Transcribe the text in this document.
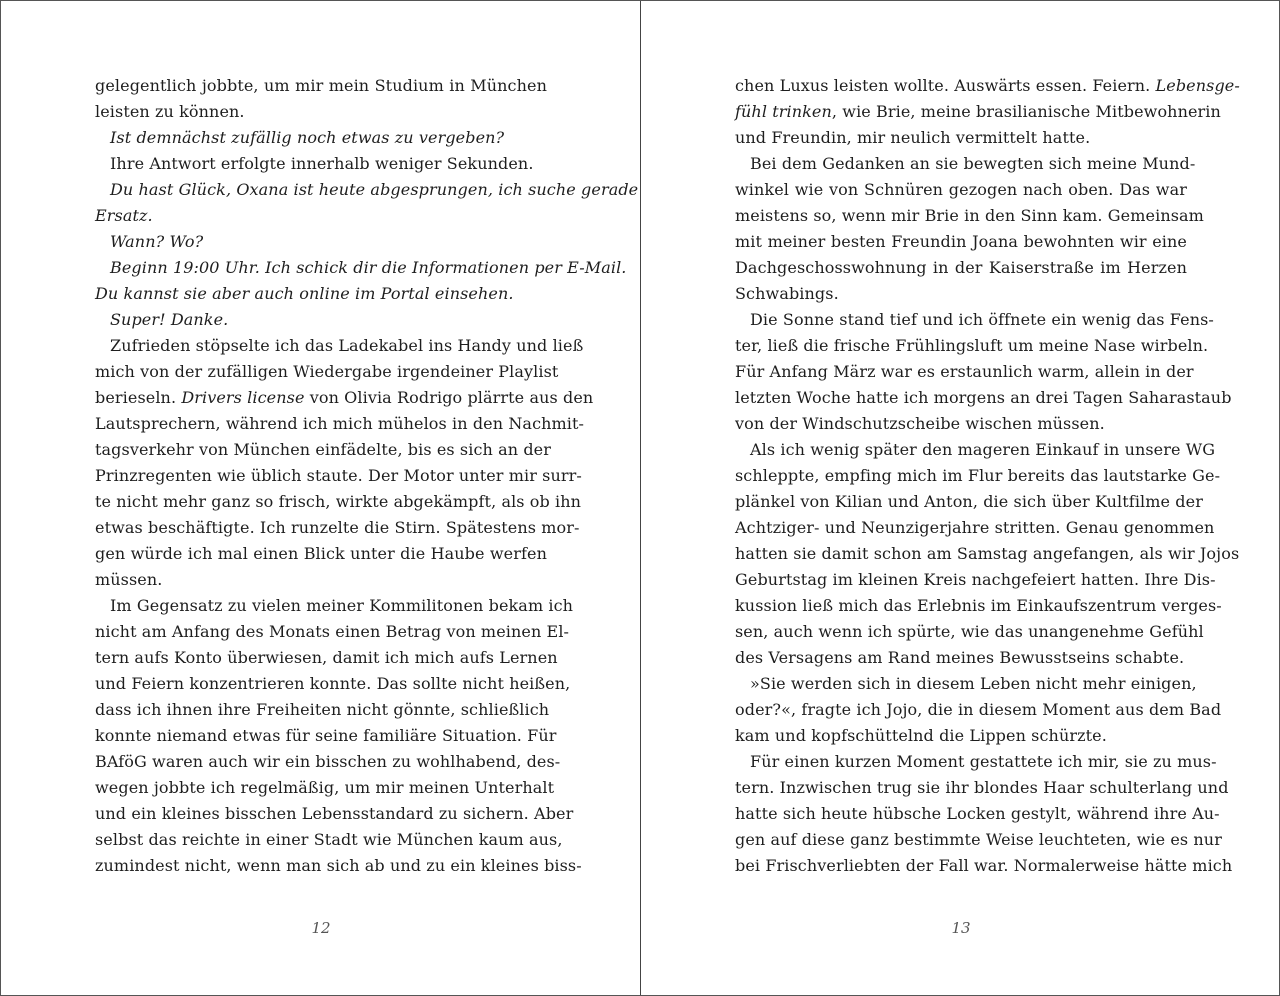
gelegentlich jobbte, um mir mein Studium in München
leisten zu können.
Ist demnächst zufällig noch etwas zu vergeben?
Ihre Antwort erfolgte innerhalb weniger Sekunden.
Du hast Glück, Oxana ist heute abgesprungen, ich suche gerade
Ersatz.
Wann? Wo?
Beginn 19:00 Uhr. Ich schick dir die Informationen per E-Mail.
Du kannst sie aber auch online im Portal einsehen.
Super! Danke.
Zufrieden stöpselte ich das Ladekabel ins Handy und ließ
mich von der zufälligen Wiedergabe irgendeiner Playlist
berieseln. Drivers license von Olivia Rodrigo plärrte aus den
Lautsprechern, während ich mich mühelos in den Nachmit-
tagsverkehr von München einfädelte, bis es sich an der
Prinzregenten wie üblich staute. Der Motor unter mir surr-
te nicht mehr ganz so frisch, wirkte abgekämpft, als ob ihn
etwas beschäftigte. Ich runzelte die Stirn. Spätestens mor-
gen würde ich mal einen Blick unter die Haube werfen
müssen.
Im Gegensatz zu vielen meiner Kommilitonen bekam ich
nicht am Anfang des Monats einen Betrag von meinen El-
tern aufs Konto überwiesen, damit ich mich aufs Lernen
und Feiern konzentrieren konnte. Das sollte nicht heißen,
dass ich ihnen ihre Freiheiten nicht gönnte, schließlich
konnte niemand etwas für seine familiäre Situation. Für
BAföG waren auch wir ein bisschen zu wohlhabend, des-
wegen jobbte ich regelmäßig, um mir meinen Unterhalt
und ein kleines bisschen Lebensstandard zu sichern. Aber
selbst das reichte in einer Stadt wie München kaum aus,
zumindest nicht, wenn man sich ab und zu ein kleines biss-
chen Luxus leisten wollte. Auswärts essen. Feiern. Lebensge-
fühl trinken, wie Brie, meine brasilianische Mitbewohnerin
und Freundin, mir neulich vermittelt hatte.
Bei dem Gedanken an sie bewegten sich meine Mund-
winkel wie von Schnüren gezogen nach oben. Das war
meistens so, wenn mir Brie in den Sinn kam. Gemeinsam
mit meiner besten Freundin Joana bewohnten wir eine
Dachgeschosswohnung in der Kaiserstraße im Herzen
Schwabings.
Die Sonne stand tief und ich öffnete ein wenig das Fens-
ter, ließ die frische Frühlingsluft um meine Nase wirbeln.
Für Anfang März war es erstaunlich warm, allein in der
letzten Woche hatte ich morgens an drei Tagen Saharastaub
von der Windschutzscheibe wischen müssen.
Als ich wenig später den mageren Einkauf in unsere WG
schleppte, empfing mich im Flur bereits das lautstarke Ge-
plänkel von Kilian und Anton, die sich über Kultfilme der
Achtziger- und Neunzigerjahre stritten. Genau genommen
hatten sie damit schon am Samstag angefangen, als wir Jojos
Geburtstag im kleinen Kreis nachgefeiert hatten. Ihre Dis-
kussion ließ mich das Erlebnis im Einkaufszentrum verges-
sen, auch wenn ich spürte, wie das unangenehme Gefühl
des Versagens am Rand meines Bewusstseins schabte.
»Sie werden sich in diesem Leben nicht mehr einigen,
oder?«, fragte ich Jojo, die in diesem Moment aus dem Bad
kam und kopfschüttelnd die Lippen schürzte.
Für einen kurzen Moment gestattete ich mir, sie zu mus-
tern. Inzwischen trug sie ihr blondes Haar schulterlang und
hatte sich heute hübsche Locken gestylt, während ihre Au-
gen auf diese ganz bestimmte Weise leuchteten, wie es nur
bei Frischverliebten der Fall war. Normalerweise hätte mich
12	13
